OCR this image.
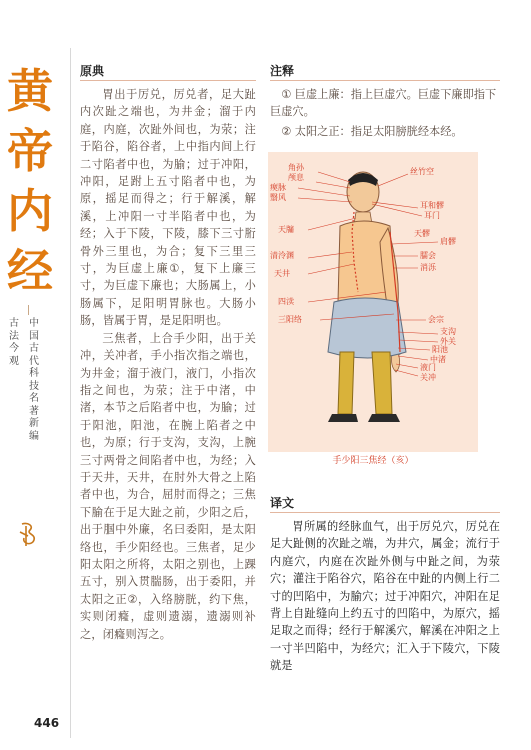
黄
帝
内
经
古法今观
中国古代科技名著新编
原典

胃出于厉兑，厉兑者，足大趾内次趾之端也，为井金；溜于内庭，内庭，次趾外间也，为荥；注于陷谷，陷谷者，上中指内间上行二寸陷者中也，为腧；过于冲阳，冲阳，足跗上五寸陷者中也，为原，摇足而得之；行于解溪，解溪，上冲阳一寸半陷者中也，为经；入于下陵，下陵，膝下三寸胻骨外三里也，为合；复下三里三寸，为巨虚上廉①，复下上廉三寸，为巨虚下廉也；大肠属上，小肠属下，足阳明胃脉也。大肠小肠，皆属于胃，是足阳明也。

三焦者，上合手少阳，出于关冲，关冲者，手小指次指之端也，为井金；溜于液门，液门，小指次指之间也，为荥；注于中渚，中渚，本节之后陷者中也，为腧；过于阳池，阳池，在腕上陷者之中也，为原；行于支沟，支沟，上腕三寸两骨之间陷者中也，为经；入于天井，天井，在肘外大骨之上陷者中也，为合，屈肘而得之；三焦下腧在于足大趾之前，少阳之后，出于腘中外廉，名曰委阳，是太阳络也，手少阳经也。三焦者，足少阳太阳之所将，太阳之别也，上踝五寸，别入贯腨肠，出于委阳，并太阳之正②，入络膀胱，约下焦，实则闭癃，虚则遗溺，遗溺则补之，闭癃则泻之。

注释

① 巨虚上廉：指上巨虚穴。巨虚下廉即指下巨虚穴。

② 太阳之正：指足太阳膀胱经本经。

角孙
颅息
瘈脉
翳风
丝竹空
耳和髎
耳门
天牖
肩髎
臑会
消泺
清泠渊
天井
四渎
三阳络	会宗
支沟
外关
阳池
中渚
液门
关冲
天髎
手少阳三焦经（亥）
译文

胃所属的经脉血气，出于厉兑穴，厉兑在足大趾侧的次趾之端，为井穴，属金；流行于内庭穴，内庭在次趾外侧与中趾之间，为荥穴；灌注于陷谷穴，陷谷在中趾的内侧上行二寸的凹陷中，为腧穴；过于冲阳穴，冲阳在足背上自趾缝向上约五寸的凹陷中，为原穴，摇足取之而得；经行于解溪穴，解溪在冲阳之上一寸半凹陷中，为经穴；汇入于下陵穴，下陵就是

446
